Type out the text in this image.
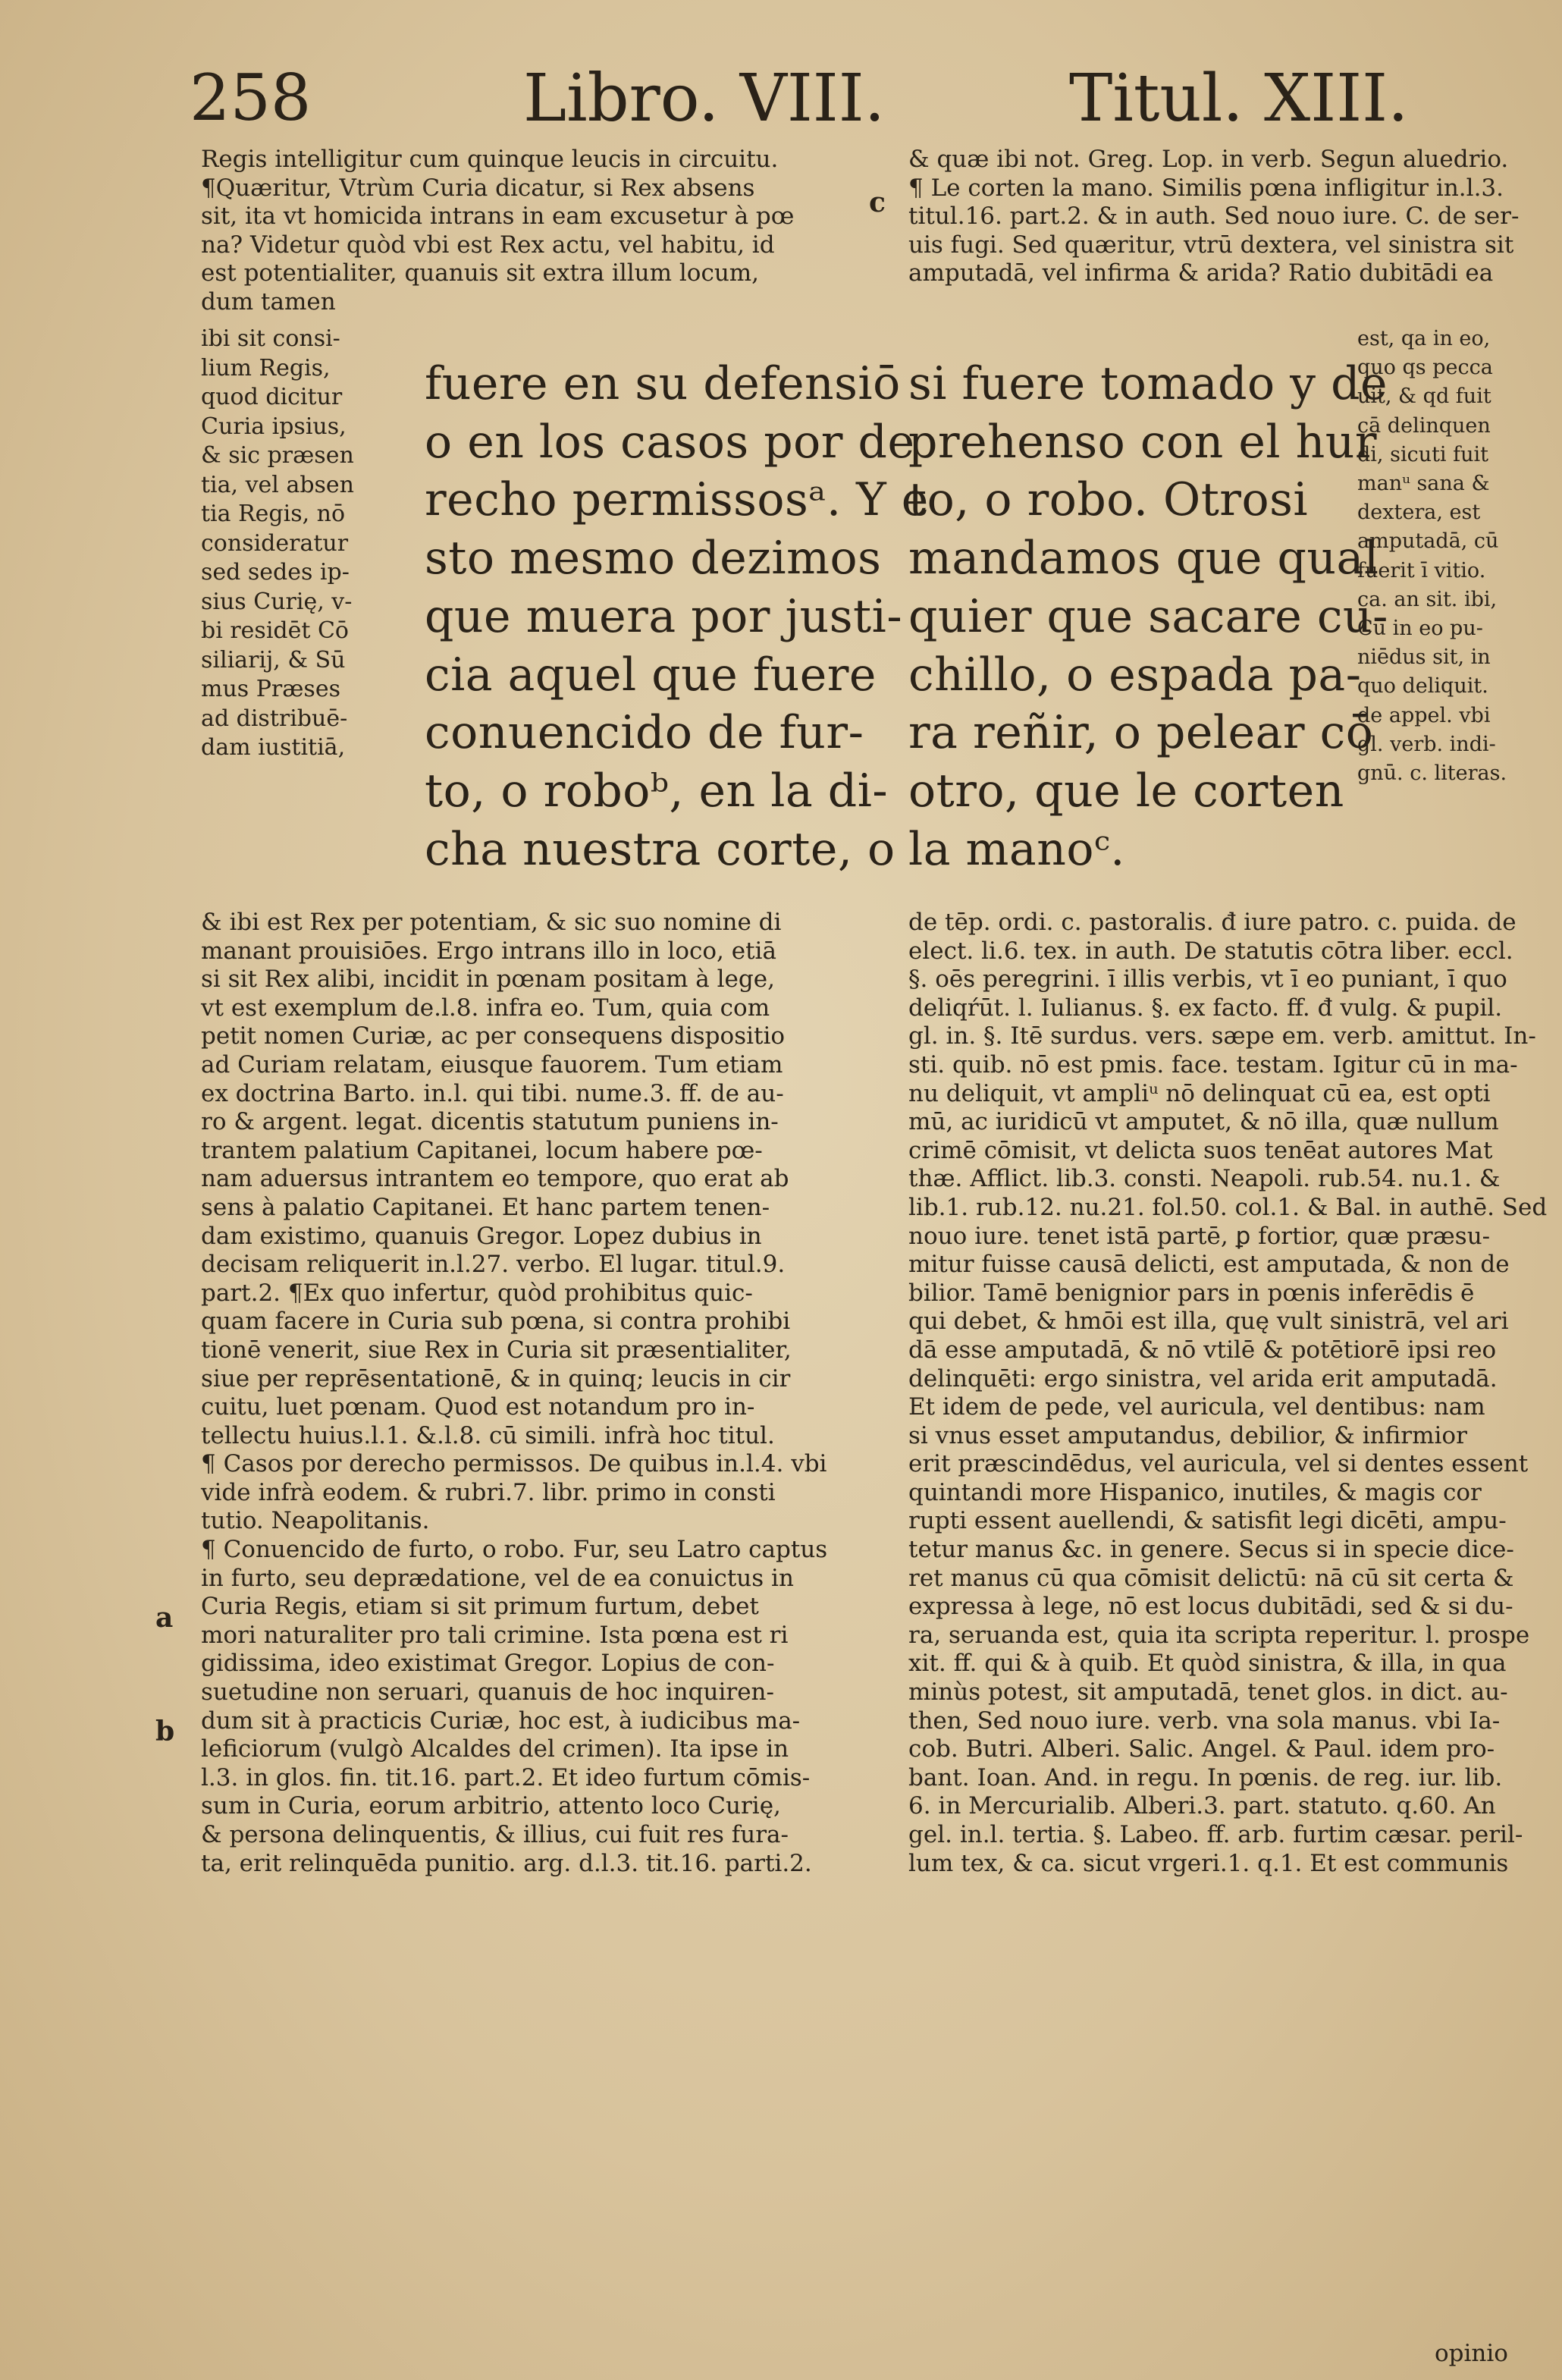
258	Libro. VIII.	Titul. XIII.
Regis intelligitur cum quinque leucis in circuitu.
¶Quæritur, Vtrùm Curia dicatur, si Rex absens
sit, ita vt homicida intrans in eam excusetur à pœ
na? Videtur quòd vbi est Rex actu, vel habitu, id
est potentialiter, quanuis sit extra illum locum,
dum tamen
ibi sit consi-
lium Regis,
quod dicitur
Curia ipsius,
& sic præsen
tia, vel absen
tia Regis, nō
consideratur
sed sedes ip-
sius Curię, v-
bi residēt Cō
siliarij, & Sū
mus Præses
ad distribuē-
dam iustitiā,
fuere en su defensiō
o en los casos por de
recho permissosᵃ. Y e
sto mesmo dezimos
que muera por justi-
cia aquel que fuere
conuencido de fur-
to, o roboᵇ, en la di-
cha nuestra corte, o
& ibi est Rex per potentiam, & sic suo nomine di
manant prouisiōes. Ergo intrans illo in loco, etiā
si sit Rex alibi, incidit in pœnam positam à lege,
vt est exemplum de.l.8. infra eo. Tum, quia com
petit nomen Curiæ, ac per consequens dispositio
ad Curiam relatam, eiusque fauorem. Tum etiam
ex doctrina Barto. in.l. qui tibi. nume.3. ff. de au-
ro & argent. legat. dicentis statutum puniens in-
trantem palatium Capitanei, locum habere pœ-
nam aduersus intrantem eo tempore, quo erat ab
sens à palatio Capitanei. Et hanc partem tenen-
dam existimo, quanuis Gregor. Lopez dubius in
decisam reliquerit in.l.27. verbo. El lugar. titul.9.
part.2. ¶Ex quo infertur, quòd prohibitus quic-
quam facere in Curia sub pœna, si contra prohibi
tionē venerit, siue Rex in Curia sit præsentialiter,
siue per reprēsentationē, & in quinq; leucis in cir
cuitu, luet pœnam. Quod est notandum pro in-
tellectu huius.l.1. &.l.8. cū simili. infrà hoc titul.
¶ Casos por derecho permissos. De quibus in.l.4. vbi
vide infrà eodem. & rubri.7. libr. primo in consti
tutio. Neapolitanis.
¶ Conuencido de furto, o robo. Fur, seu Latro captus
in furto, seu deprædatione, vel de ea conuictus in
Curia Regis, etiam si sit primum furtum, debet
mori naturaliter pro tali crimine. Ista pœna est ri
gidissima, ideo existimat Gregor. Lopius de con-
suetudine non seruari, quanuis de hoc inquiren-
dum sit à practicis Curiæ, hoc est, à iudicibus ma-
leficiorum (vulgò Alcaldes del crimen). Ita ipse in
l.3. in glos. fin. tit.16. part.2. Et ideo furtum cōmis-
sum in Curia, eorum arbitrio, attento loco Curię,
& persona delinquentis, & illius, cui fuit res fura-
ta, erit relinquēda punitio. arg. d.l.3. tit.16. parti.2.
& quæ ibi not. Greg. Lop. in verb. Segun aluedrio.
¶ Le corten la mano. Similis pœna infligitur in.l.3.
titul.16. part.2. & in auth. Sed nouo iure. C. de ser-
uis fugi. Sed quæritur, vtrū dextera, vel sinistra sit
amputadā, vel infirma & arida? Ratio dubitādi ea
est, qa in eo,
quo qs pecca
uit, & qd fuit
cā delinquen
di, sicuti fuit
manᵘ sana &
dextera, est
amputadā, cū
fuerit ī vitio.
ca. an sit. ibi,
Cū in eo pu-
niēdus sit, in
quo deliquit.
de appel. vbi
gl. verb. indi-
gnū. c. literas.
si fuere tomado y de
prehenso con el hur
to, o robo. Otrosi
mandamos que qual
quier que sacare cu-
chillo, o espada pa-
ra reñir, o pelear cō
otro, que le corten
la manoᶜ.
de tēp. ordi. c. pastoralis. đ iure patro. c. puida. de
elect. li.6. tex. in auth. De statutis cōtra liber. eccl.
§. oēs peregrini. ī illis verbis, vt ī eo puniant, ī quo
deliqŕūt. l. Iulianus. §. ex facto. ff. đ vulg. & pupil.
gl. in. §. Itē surdus. vers. sæpe em. verb. amittut. In-
sti. quib. nō est pmis. face. testam. Igitur cū in ma-
nu deliquit, vt ampliᵘ nō delinquat cū ea, est opti
mū, ac iuridicū vt amputet, & nō illa, quæ nullum
crimē cōmisit, vt delicta suos tenēat autores Mat
thæ. Afflict. lib.3. consti. Neapoli. rub.54. nu.1. &
lib.1. rub.12. nu.21. fol.50. col.1. & Bal. in authē. Sed
nouo iure. tenet istā partē, ꝑ fortior, quæ præsu-
mitur fuisse causā delicti, est amputada, & non de
bilior. Tamē benignior pars in pœnis inferēdis ē
qui debet, & hmōi est illa, quę vult sinistrā, vel ari
dā esse amputadā, & nō vtilē & potētiorē ipsi reo
delinquēti: ergo sinistra, vel arida erit amputadā.
Et idem de pede, vel auricula, vel dentibus: nam
si vnus esset amputandus, debilior, & infirmior
erit præscindēdus, vel auricula, vel si dentes essent
quintandi more Hispanico, inutiles, & magis cor
rupti essent auellendi, & satisfit legi dicēti, ampu-
tetur manus &c. in genere. Secus si in specie dice-
ret manus cū qua cōmisit delictū: nā cū sit certa &
expressa à lege, nō est locus dubitādi, sed & si du-
ra, seruanda est, quia ita scripta reperitur. l. prospe
xit. ff. qui & à quib. Et quòd sinistra, & illa, in qua
minùs potest, sit amputadā, tenet glos. in dict. au-
then, Sed nouo iure. verb. vna sola manus. vbi Ia-
cob. Butri. Alberi. Salic. Angel. & Paul. idem pro-
bant. Ioan. And. in regu. In pœnis. de reg. iur. lib.
6. in Mercurialib. Alberi.3. part. statuto. q.60. An
gel. in.l. tertia. §. Labeo. ff. arb. furtim cæsar. peril-
lum tex, & ca. sicut vrgeri.1. q.1. Et est communis
a
b
c
opinio
